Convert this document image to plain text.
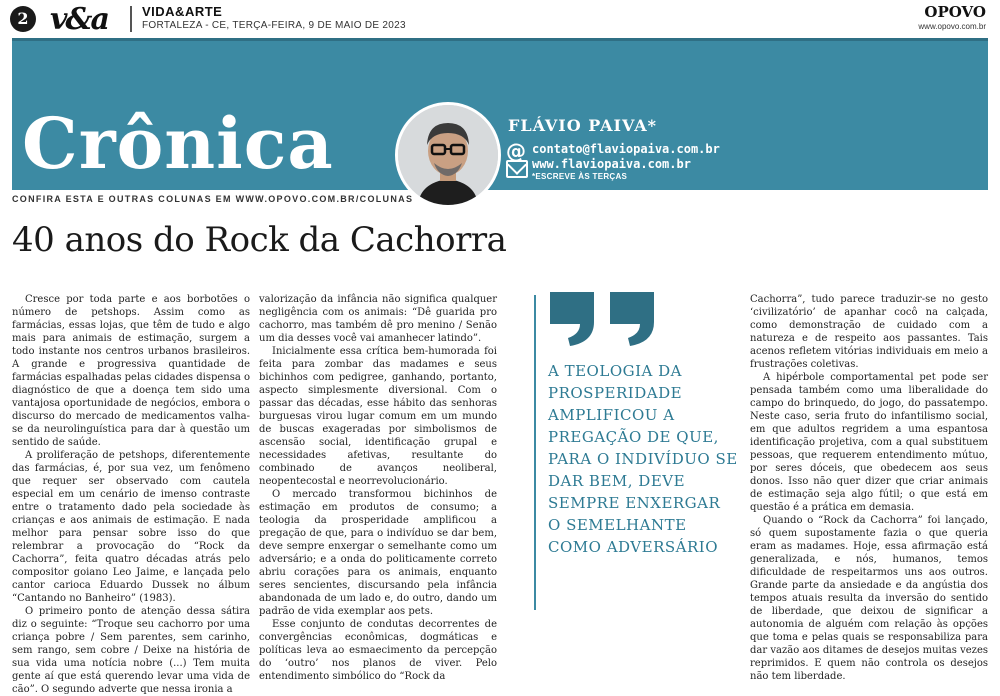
2 v&a	VIDA&ARTE
FORTALEZA - CE, TERÇA-FEIRA, 9 DE MAIO DE 2023
OPOVO
www.opovo.com.br
Crônica	FLÁVIO PAIVA*
@ contato@flaviopaiva.com.br
www.flaviopaiva.com.br
*ESCREVE ÀS TERÇAS
CONFIRA ESTA E OUTRAS COLUNAS EM WWW.OPOVO.COM.BR/COLUNAS
40 anos do Rock da Cachorra

Cresce por toda parte e aos borbotões o número de petshops. Assim como as farmácias, essas lojas, que têm de tudo e algo mais para animais de estimação, surgem a todo instante nos centros urbanos brasileiros. A grande e progressiva quantidade de farmácias espalhadas pelas cidades dispensa o diagnóstico de que a doença tem sido uma vantajosa oportunidade de negócios, embora o discurso do mercado de medicamentos valha-se da neurolinguística para dar à questão um sentido de saúde.

A proliferação de petshops, diferentemente das farmácias, é, por sua vez, um fenômeno que requer ser observado com cautela especial em um cenário de imenso contraste entre o tratamento dado pela sociedade às crianças e aos animais de estimação. E nada melhor para pensar sobre isso do que relembrar a provocação do “Rock da Cachorra”, feita quatro décadas atrás pelo compositor goiano Leo Jaime, e lançada pelo cantor carioca Eduardo Dussek no álbum “Cantando no Banheiro” (1983).

O primeiro ponto de atenção dessa sátira diz o seguinte: “Troque seu cachorro por uma criança pobre / Sem parentes, sem carinho, sem rango, sem cobre / Deixe na história de sua vida uma notícia nobre (...) Tem muita gente aí que está querendo levar uma vida de cão”. O segundo adverte que nessa ironia a

valorização da infância não significa qualquer negligência com os animais: “Dê guarida pro cachorro, mas também dê pro menino / Senão um dia desses você vai amanhecer latindo”.

Inicialmente essa crítica bem-humorada foi feita para zombar das madames e seus bichinhos com pedigree, ganhando, portanto, aspecto simplesmente diversional. Com o passar das décadas, esse hábito das senhoras burguesas virou lugar comum em um mundo de buscas exageradas por simbolismos de ascensão social, identificação grupal e necessidades afetivas, resultante do combinado de avanços neoliberal, neopentecostal e neorrevolucionário.

O mercado transformou bichinhos de estimação em produtos de consumo; a teologia da prosperidade amplificou a pregação de que, para o indivíduo se dar bem, deve sempre enxergar o semelhante como um adversário; e a onda do politicamente correto abriu corações para os animais, enquanto seres sencientes, discursando pela infância abandonada de um lado e, do outro, dando um padrão de vida exemplar aos pets.

Esse conjunto de condutas decorrentes de convergências econômicas, dogmáticas e políticas leva ao esmaecimento da percepção do ‘outro’ nos planos de viver. Pelo entendimento simbólico do “Rock da

A TEOLOGIA DA PROSPERIDADE AMPLIFICOU A PREGAÇÃO DE QUE, PARA O INDIVÍDUO SE DAR BEM, DEVE SEMPRE ENXERGAR O SEMELHANTE COMO ADVERSÁRIO

Cachorra”, tudo parece traduzir-se no gesto ‘civilizatório’ de apanhar cocô na calçada, como demonstração de cuidado com a natureza e de respeito aos passantes. Tais acenos refletem vitórias individuais em meio a frustrações coletivas.

A hipérbole comportamental pet pode ser pensada também como uma liberalidade do campo do brinquedo, do jogo, do passatempo. Neste caso, seria fruto do infantilismo social, em que adultos regridem a uma espantosa identificação projetiva, com a qual substituem pessoas, que requerem entendimento mútuo, por seres dóceis, que obedecem aos seus donos. Isso não quer dizer que criar animais de estimação seja algo fútil; o que está em questão é a prática em demasia.

Quando o “Rock da Cachorra” foi lançado, só quem supostamente fazia o que queria eram as madames. Hoje, essa afirmação está generalizada, e nós, humanos, temos dificuldade de respeitarmos uns aos outros. Grande parte da ansiedade e da angústia dos tempos atuais resulta da inversão do sentido de liberdade, que deixou de significar a autonomia de alguém com relação às opções que toma e pelas quais se responsabiliza para dar vazão aos ditames de desejos muitas vezes reprimidos. E quem não controla os desejos não tem liberdade.
